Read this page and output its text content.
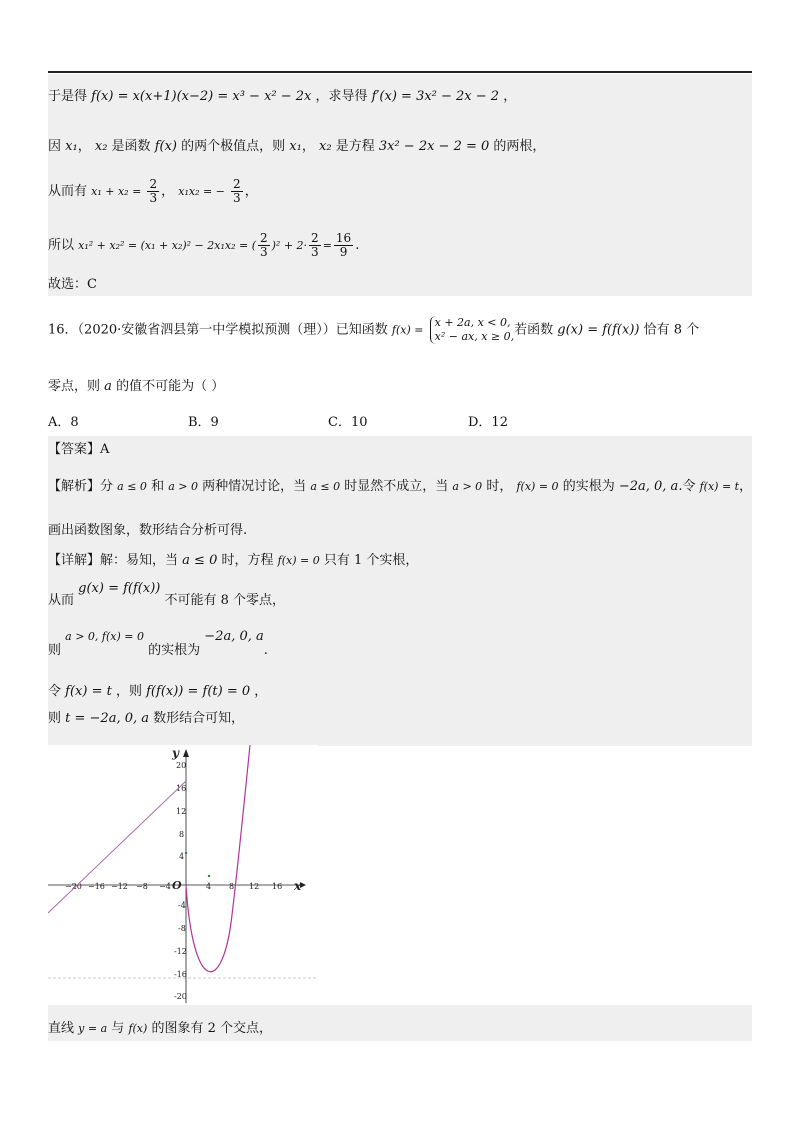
于是得 f(x) = x(x+1)(x−2) = x³ − x² − 2x ，求导得 f′(x) = 3x² − 2x − 2 ，
因 x₁， x₂ 是函数 f(x) 的两个极值点，则 x₁， x₂ 是方程 3x² − 2x − 2 = 0 的两根，
从而有 $x_1 + x_2 = \frac{2}{3}$ ， x₁x₂ = − $\frac{2}{3}$ ，
所以 x₁² + x₂² = (x₁ + x₂)² − 2x₁x₂ = ( $\frac{2}{3} )^2 + 2\cdot \frac{2}{3} = \frac{16}{9}$ .
故选：C
16．（2020·安徽省泗县第一中学模拟预测（理））已知函数 f(x) =
x + 2a, x < 0,
x² − ax, x ≥ 0, 若函数 g(x) = f(f(x)) 恰有 8 个
零点，则 a 的值不可能为（ ）
A．8	B．9	C．10	D．12
【答案】A
【解析】分 a ≤ 0 和 a > 0 两种情况讨论，当 a ≤ 0 时显然不成立，当 a > 0 时， f(x) = 0 的实根为 −2a, 0, a.令 f(x) = t，
画出函数图象，数形结合分析可得.
【详解】解：易知，当 a ≤ 0 时，方程 f(x) = 0 只有 1 个实根，
从而 g(x) = f(f(x)) 不可能有 8 个零点，
则 a > 0, f(x) = 0 的实根为 −2a, 0, a.
令 f(x) = t ，则 f(f(x)) = f(t) = 0 ，
则 t = −2a, 0, a 数形结合可知，
y
x
O
20
16
12
8
4
-4
-8
-12
-16
-20
−20 −16 −12 −8 −4	4 8 12 16
直线 y = a 与 f(x) 的图象有 2 个交点，
